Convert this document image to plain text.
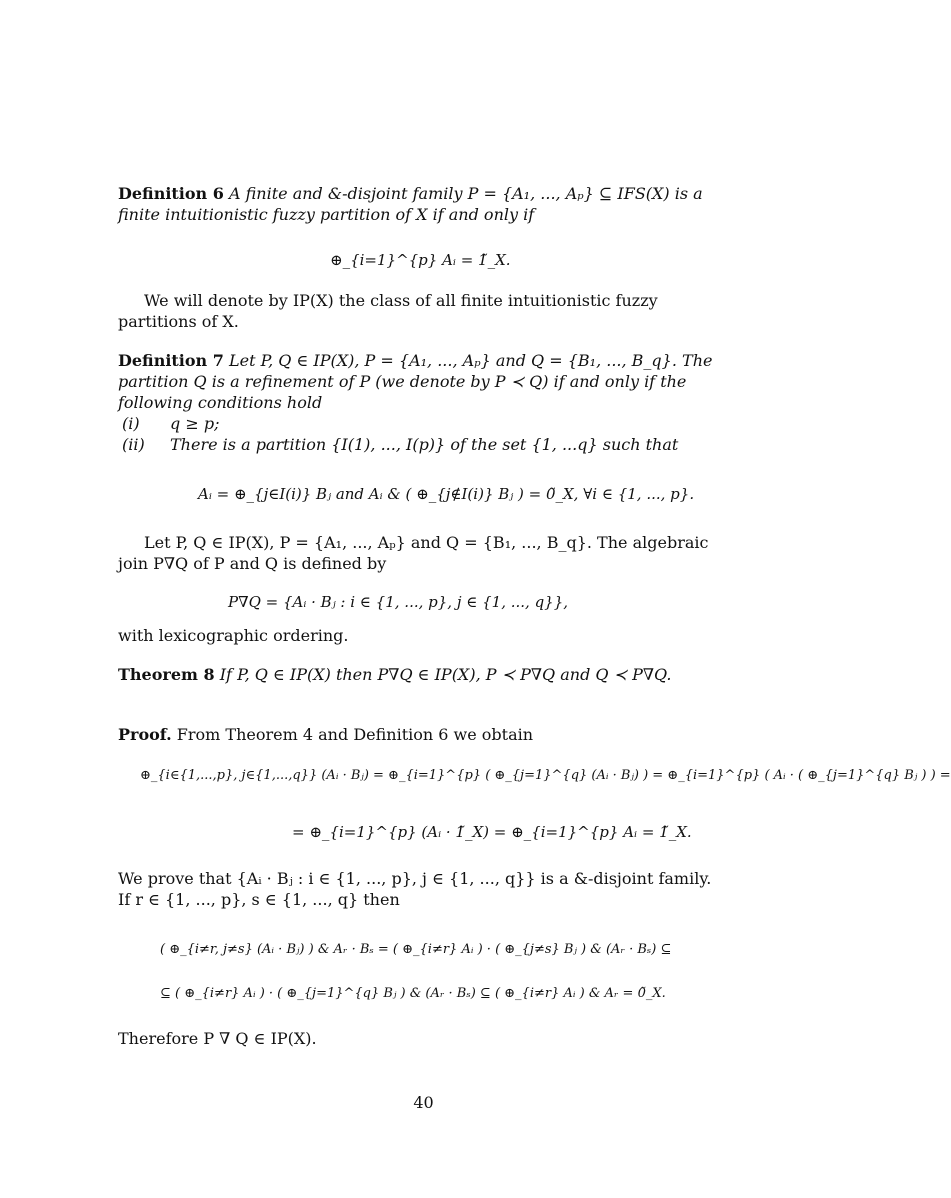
Definition 6 A finite and &-disjoint family P = {A₁, ..., Aₚ} ⊆ IFS(X) is a finite intuitionistic fuzzy partition of X if and only if
⊕_{i=1}^{p} Aᵢ = 1̃_X.
We will denote by IP(X) the class of all finite intuitionistic fuzzy partitions of X.
Definition 7 Let P, Q ∈ IP(X), P = {A₁, ..., Aₚ} and Q = {B₁, ..., B_q}. The partition Q is a refinement of P (we denote by P ≺ Q) if and only if the following conditions hold
(i) q ≥ p;
(ii) There is a partition {I(1), ..., I(p)} of the set {1, ...q} such that
Aᵢ = ⊕_{j∈I(i)} Bⱼ and Aᵢ & ( ⊕_{j∉I(i)} Bⱼ ) = 0̃_X, ∀i ∈ {1, ..., p}.
Let P, Q ∈ IP(X), P = {A₁, ..., Aₚ} and Q = {B₁, ..., B_q}. The algebraic join P∇Q of P and Q is defined by
P∇Q = {Aᵢ · Bⱼ : i ∈ {1, ..., p}, j ∈ {1, ..., q}},
with lexicographic ordering.
Theorem 8 If P, Q ∈ IP(X) then P∇Q ∈ IP(X), P ≺ P∇Q and Q ≺ P∇Q.
Proof. From Theorem 4 and Definition 6 we obtain
⊕_{i∈{1,...,p}, j∈{1,...,q}} (Aᵢ · Bⱼ) = ⊕_{i=1}^{p} ( ⊕_{j=1}^{q} (Aᵢ · Bⱼ) ) = ⊕_{i=1}^{p} ( Aᵢ · ( ⊕_{j=1}^{q} Bⱼ ) ) =
= ⊕_{i=1}^{p} (Aᵢ · 1̃_X) = ⊕_{i=1}^{p} Aᵢ = 1̃_X.
We prove that {Aᵢ · Bⱼ : i ∈ {1, ..., p}, j ∈ {1, ..., q}} is a &-disjoint family. If r ∈ {1, ..., p}, s ∈ {1, ..., q} then
( ⊕_{i≠r, j≠s} (Aᵢ · Bⱼ) ) & Aᵣ · Bₛ = ( ⊕_{i≠r} Aᵢ ) · ( ⊕_{j≠s} Bⱼ ) & (Aᵣ · Bₛ) ⊆
⊆ ( ⊕_{i≠r} Aᵢ ) · ( ⊕_{j=1}^{q} Bⱼ ) & (Aᵣ · Bₛ) ⊆ ( ⊕_{i≠r} Aᵢ ) & Aᵣ = 0̃_X.
Therefore P ∇ Q ∈ IP(X).
40
